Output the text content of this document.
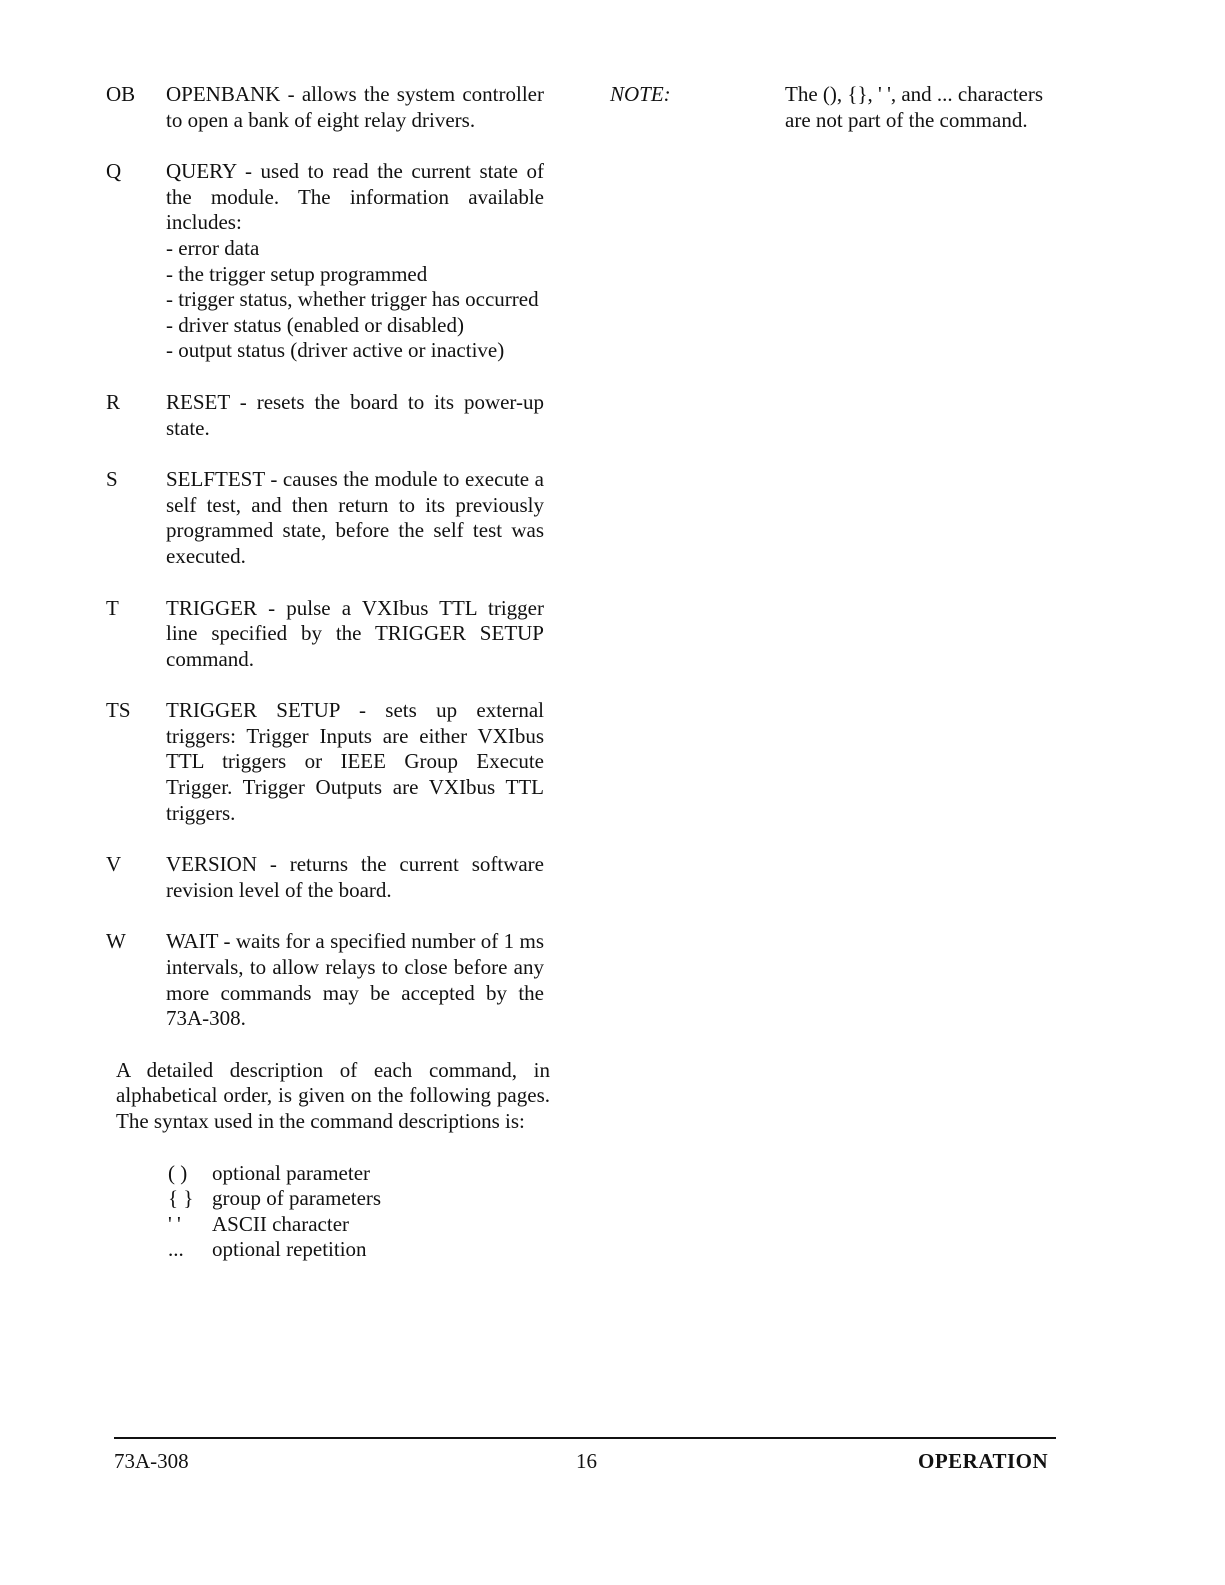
OB	OPENBANK - allows the system controller to open a bank of eight relay drivers.
Q	QUERY - used to read the current state of the module. The information available includes:
- error data
- the trigger setup programmed
- trigger status, whether trigger has occurred
- driver status (enabled or disabled)
- output status (driver active or inactive)
R	RESET - resets the board to its power-up state.
S	SELFTEST - causes the module to execute a self test, and then return to its previously programmed state, before the self test was executed.
T	TRIGGER - pulse a VXIbus TTL trigger line specified by the TRIGGER SETUP command.
TS	TRIGGER SETUP - sets up external triggers: Trigger Inputs are either VXIbus TTL triggers or IEEE Group Execute Trigger. Trigger Outputs are VXIbus TTL triggers.
V	VERSION - returns the current software revision level of the board.
W	WAIT - waits for a specified number of 1 ms intervals, to allow relays to close before any more commands may be accepted by the 73A-308.

A detailed description of each command, in alphabetical order, is given on the following pages. The syntax used in the command descriptions is:

( )	optional parameter
{ } group of parameters
' '	ASCII character
...	optional repetition
NOTE:	The (), {}, ' ', and ... characters are not part of the command.
73A-308	16	OPERATION
